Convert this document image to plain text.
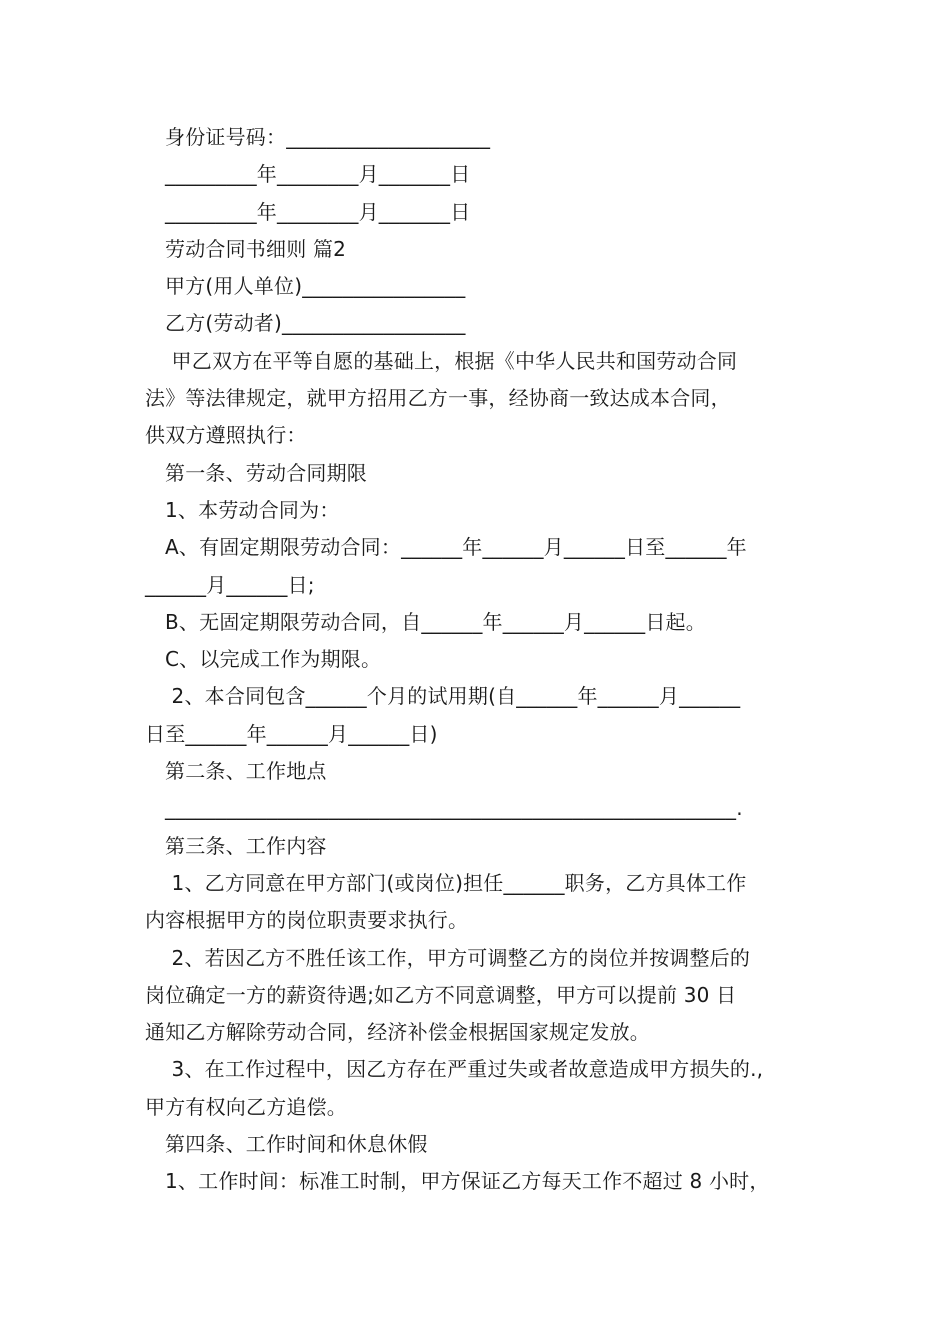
身份证号码：____________________
_________年________月_______日
_________年________月_______日
劳动合同书细则 篇2
甲方(用人单位)________________
乙方(劳动者)__________________
甲乙双方在平等自愿的基础上，根据《中华人民共和国劳动合同
法》等法律规定，就甲方招用乙方一事，经协商一致达成本合同，
供双方遵照执行：
第一条、劳动合同期限
1、本劳动合同为：
A、有固定期限劳动合同：______年______月______日至______年
______月______日;
B、无固定期限劳动合同，自______年______月______日起。
C、以完成工作为期限。
2、本合同包含______个月的试用期(自______年______月______
日至______年______月______日)
第二条、工作地点
________________________________________________________.
第三条、工作内容
1、乙方同意在甲方部门(或岗位)担任______职务，乙方具体工作
内容根据甲方的岗位职责要求执行。
2、若因乙方不胜任该工作，甲方可调整乙方的岗位并按调整后的
岗位确定一方的薪资待遇;如乙方不同意调整，甲方可以提前 30 日
通知乙方解除劳动合同，经济补偿金根据国家规定发放。
3、在工作过程中，因乙方存在严重过失或者故意造成甲方损失的.,
甲方有权向乙方追偿。
第四条、工作时间和休息休假
1、工作时间：标准工时制，甲方保证乙方每天工作不超过 8 小时，
